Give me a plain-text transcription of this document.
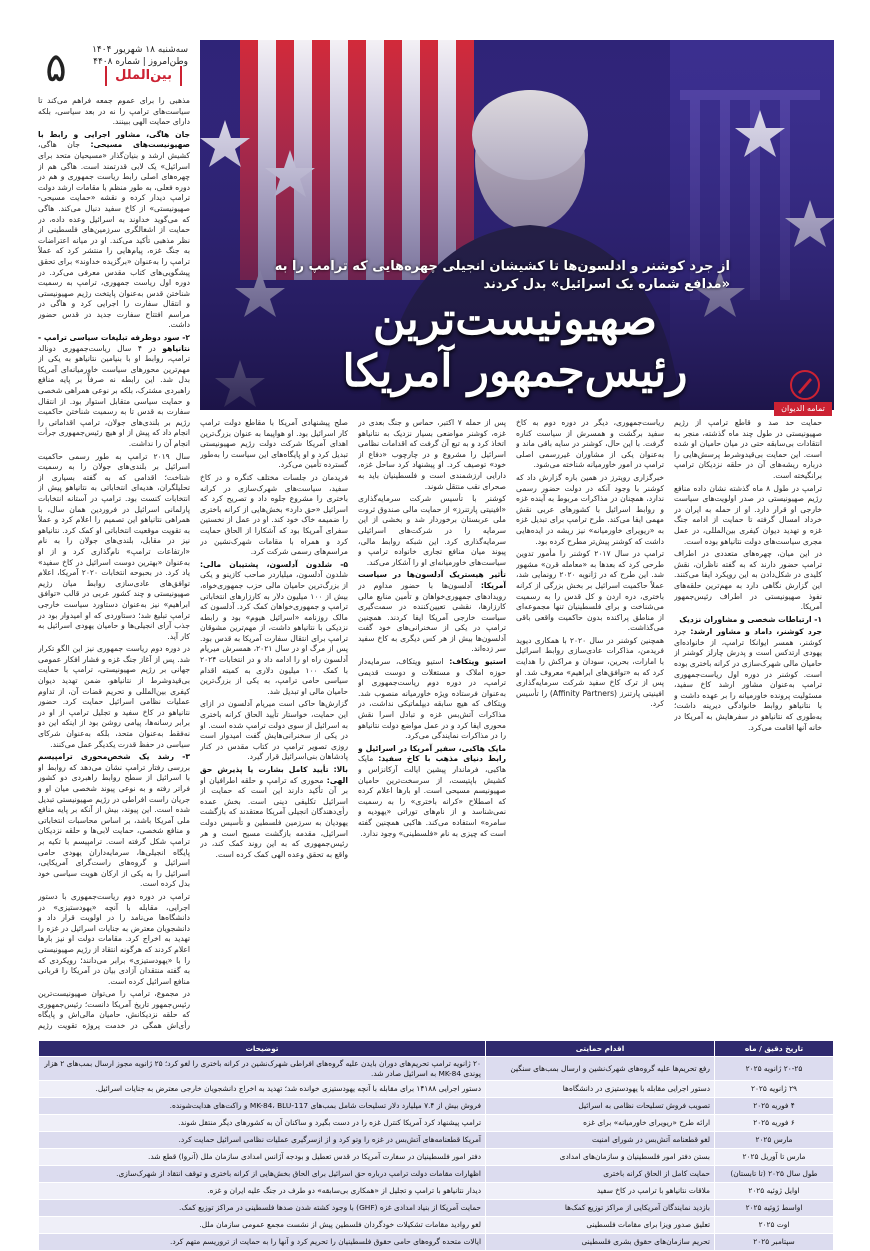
۵	سه‌شنبه ۱۸ شهریور ۱۴۰۴
وطن‌امروز | شماره ۴۴۰۸
بین‌الملل
از جرد کوشنر و ادلسون‌ها تا کشیشان انجیلی چهره‌هایی که ترامپ را به «مدافع شماره یک اسرائیل» بدل کردند
صهیونیست‌ترین
رئیس‌جمهور آمریکا
تمامه الدیوان

مذهبی را برای عموم جمعه فراهم می‌کند تا سیاست‌های ترامپ را نه در بعد سیاسی، بلکه دارای حمایت الهی ببینند.

جان هاگی، مشاور اجرایی و رابط با صهیونیست‌های مسیحی: جان هاگی، کشیش ارشد و بنیان‌گذار «مسیحیان متحد برای اسرائیل» یک لابی قدرتمند است. هاگی هم از چهره‌های اصلی رابط ریاست جمهوری و هم در دوره فعلی، به طور منظم با مقامات ارشد دولت ترامپ دیدار کرده و نقشه «حمایت مسیحی-صهیونیستی» از کاخ سفید دنبال می‌کند. هاگی که می‌گوید خداوند به اسرائیل وعده داده، در حمایت از اشغالگری سرزمین‌های فلسطینی از نظر مذهبی تأکید می‌کند. او در میانه اعتراضات به جنگ غزه، پیام‌هایی را منتشر کرد که عملاً ترامپ را به‌عنوان «برگزیده خداوند» برای تحقق پیشگویی‌های کتاب مقدس معرفی می‌کرد. در دوره اول ریاست جمهوری، ترامپ به رسمیت شناختن قدس به‌عنوان پایتخت رژیم صهیونیستی و انتقال سفارت را اجرایی کرد و هاگی در مراسم افتتاح سفارت جدید در قدس حضور داشت.

۲- سود دوطرفه تبلیغات سیاسی ترامپ - نتانیاهو در ۴ سال ریاست‌جمهوری دونالد ترامپ، روابط او با بنیامین نتانیاهو به یکی از مهم‌ترین محورهای سیاست خاورمیانه‌ای آمریکا بدل شد. این رابطه نه صرفاً بر پایه منافع راهبردی مشترک، بلکه بر نوعی همراهی شخصی و حمایت سیاسی متقابل استوار بود. از انتقال سفارت به قدس تا به رسمیت شناختن حاکمیت رژیم بر بلندی‌های جولان، ترامپ اقداماتی را انجام داد که پیش از او هیچ رئیس‌جمهوری جرأت انجام آن را نداشت.

سال ۲۰۱۹ ترامپ به طور رسمی حاکمیت اسرائیل بر بلندی‌های جولان را به رسمیت شناخت؛ اقدامی که به گفته بسیاری از تحلیلگران، هدیه‌ای انتخاباتی به نتانیاهو پیش از انتخابات کنست بود. ترامپ در آستانه انتخابات پارلمانی اسرائیل در فروردین همان سال، با همراهی نتانیاهو این تصمیم را اعلام کرد و عملاً به تقویت موقعیت انتخاباتی او کمک کرد. نتانیاهو نیز در مقابل، بلندی‌های جولان را به نام «ارتفاعات ترامپ» نام‌گذاری کرد و از او به‌عنوان «بهترین دوست اسرائیل در کاخ سفید» یاد کرد. در بحبوحه انتخابات ۲۰۲۰ آمریکا، اعلام توافق‌های عادی‌سازی روابط میان رژیم صهیونیستی و چند کشور عربی در قالب «توافق ابراهیم» نیز به‌عنوان دستاورد سیاست خارجی ترامپ تبلیغ شد؛ دستاوردی که او امیدوار بود در جذب آرای انجیلی‌ها و حامیان یهودی اسرائیل به کار آید.

در دوره دوم ریاست جمهوری نیز این الگو تکرار شد. پس از آغاز جنگ غزه و فشار افکار عمومی جهانی بر رژیم صهیونیستی، ترامپ با حمایت بی‌قیدوشرط از نتانیاهو، ضمن تهدید دیوان کیفری بین‌المللی و تحریم قضات آن، از تداوم عملیات نظامی اسرائیل حمایت کرد. حضور نتانیاهو در کاخ سفید و تجلیل ترامپ از او در برابر رسانه‌ها، پیامی روشن بود از اینکه این دو نه‌فقط به‌عنوان متحد، بلکه به‌عنوان شرکای سیاسی در حفظ قدرت یکدیگر عمل می‌کنند.

۳- رشد یک شخص‌محوری ترامپیسم بررسی رفتار ترامپ نشان می‌دهد که روابط او با اسرائیل از سطح روابط راهبردی دو کشور فراتر رفته و به نوعی پیوند شخصی میان او و جریان راست افراطی در رژیم صهیونیستی تبدیل شده است. این پیوند، بیش از آنکه بر پایه منافع ملی آمریکا باشد، بر اساس محاسبات انتخاباتی و منافع شخصی، حمایت لابی‌ها و حلقه نزدیکان ترامپ شکل گرفته است. ترامپیسم با تکیه بر پایگاه انجیلی‌ها، سرمایه‌داران یهودی حامی اسرائیل و گروه‌های راست‌گرای آمریکایی، اسرائیل را به یکی از ارکان هویت سیاسی خود بدل کرده است.

ترامپ در دوره دوم ریاست‌جمهوری با دستور اجرایی، مقابله با آنچه «یهودستیزی» در دانشگاه‌ها می‌نامد را در اولویت قرار داد و دانشجویان معترض به جنایات اسرائیل در غزه را تهدید به اخراج کرد. مقامات دولت او نیز بارها اعلام کردند که هرگونه انتقاد از رژیم صهیونیستی را با «یهودستیزی» برابر می‌دانند؛ رویکردی که به گفته منتقدان آزادی بیان در آمریکا را قربانی منافع اسرائیل کرده است.

در مجموع، ترامپ را می‌توان صهیونیست‌ترین رئیس‌جمهور تاریخ آمریکا دانست؛ رئیس‌جمهوری که حلقه نزدیکانش، حامیان مالی‌اش و پایگاه رأی‌اش همگی در خدمت پروژه تقویت رژیم

صلح پیشنهادی آمریکا با مقاطع دولت ترامپ کار اسرائیل بود. او هواپیما به عنوان بزرگ‌ترین اهدای آمریکا شرکت دولت رژیم صهیونیستی تبدیل کرد و او پایگاه‌های این سیاست را به‌طور گسترده تأمین می‌کرد.

فریدمان در جلسات مختلف کنگره و در کاخ سفید، سیاست‌های شهرک‌سازی در کرانه باختری را مشروع جلوه داد و تصریح کرد که اسرائیل «حق دارد» بخش‌هایی از کرانه باختری را ضمیمه خاک خود کند. او در عمل از نخستین سفرای آمریکا بود که آشکارا از الحاق حمایت کرد و همراه با مقامات شهرک‌نشین در مراسم‌های رسمی شرکت کرد.

۵- شلدون آدلسون، پشتیبان مالی: شلدون آدلسون، میلیاردر صاحب کازینو و یکی از بزرگ‌ترین حامیان مالی حزب جمهوری‌خواه، بیش از ۱۰۰ میلیون دلار به کارزارهای انتخاباتی ترامپ و جمهوری‌خواهان کمک کرد. آدلسون که مالک روزنامه «اسرائیل هیوم» بود و رابطه نزدیکی با نتانیاهو داشت، از مهم‌ترین مشوقان ترامپ برای انتقال سفارت آمریکا به قدس بود. پس از مرگ او در سال ۲۰۲۱، همسرش میریام آدلسون راه او را ادامه داد و در انتخابات ۲۰۲۴ با کمک ۱۰۰ میلیون دلاری به کمیته اقدام سیاسی حامی ترامپ، به یکی از بزرگ‌ترین حامیان مالی او تبدیل شد.

گزارش‌ها حاکی است میریام آدلسون در ازای این حمایت، خواستار تأیید الحاق کرانه باختری به اسرائیل از سوی دولت ترامپ شده است. او در یکی از سخنرانی‌هایش گفت امیدوار است روزی تصویر ترامپ در کتاب مقدس در کنار پادشاهان بنی‌اسرائیل قرار گیرد.

بالا: تأیید کامل بشارت یا پذیرش حق الهی: محوری که ترامپ و حلقه اطرافیان او بر آن تأکید دارند این است که حمایت از اسرائیل تکلیفی دینی است. بخش عمده رأی‌دهندگان انجیلی آمریکا معتقدند که بازگشت یهودیان به سرزمین فلسطین و تأسیس دولت اسرائیل، مقدمه بازگشت مسیح است و هر رئیس‌جمهوری که به این روند کمک کند، در واقع به تحقق وعده الهی کمک کرده است.

پس از حمله ۷ اکتبر، حماس و جنگ بعدی در غزه، کوشنر مواضعی بسیار نزدیک به نتانیاهو اتخاذ کرد و به ‌تبع آن گرفت که اقدامات نظامی اسرائیل را مشروع و در چارچوب «دفاع از خود» توصیف کرد. او پیشنهاد کرد ساحل غزه، دارایی ارزشمندی است و فلسطینیان باید به صحرای نقب منتقل شوند.

کوشنر با تأسیس شرکت سرمایه‌گذاری «افینیتی پارتنرز» از حمایت مالی صندوق ثروت ملی عربستان برخوردار شد و بخشی از این سرمایه را در شرکت‌های اسرائیلی سرمایه‌گذاری کرد. این شبکه روابط مالی، پیوند میان منافع تجاری خانواده ترامپ و سیاست‌های خاورمیانه‌ای او را آشکار می‌کند.

تأثیر هیستریک آدلسون‌ها در سیاست آمریکا: آدلسون‌ها با حضور مداوم در رویدادهای جمهوری‌خواهان و تأمین منابع مالی کارزارها، نقشی تعیین‌کننده در سمت‌گیری سیاست خارجی آمریکا ایفا کردند. همچنین ترامپ در یکی از سخنرانی‌های خود گفت آدلسون‌ها بیش از هر کس دیگری به کاخ سفید سر زده‌اند.

استیو ویتکاف: استیو ویتکاف، سرمایه‌دار حوزه املاک و مستغلات و دوست قدیمی ترامپ، در دوره دوم ریاست‌جمهوری او به‌عنوان فرستاده ویژه خاورمیانه منصوب شد. ویتکاف که هیچ سابقه دیپلماتیکی نداشت، در مذاکرات آتش‌بس غزه و تبادل اسرا نقش محوری ایفا کرد و در عمل مواضع دولت نتانیاهو را در مذاکرات نمایندگی می‌کرد.

مایک هاکبی، سفیر آمریکا در اسرائیل و رابط دنیای مذهب با کاخ سفید: مایک هاکبی، فرماندار پیشین ایالت آرکانزاس و کشیش باپتیست، از سرسخت‌ترین حامیان صهیونیسم مسیحی است. او بارها اعلام کرده که اصطلاح «کرانه باختری» را به رسمیت نمی‌شناسد و از نام‌های توراتی «یهودیه و سامره» استفاده می‌کند. هاکبی همچنین گفته است که چیزی به نام «فلسطینی» وجود ندارد.

ریاست‌جمهوری، دیگر در دوره دوم به کاخ سفید برگشت و همسرش از سیاست کناره گرفت. با این حال، کوشنر در سایه باقی ماند و به‌عنوان یکی از مشاوران غیررسمی اصلی ترامپ در امور خاورمیانه شناخته می‌شود.

خبرگزاری رویترز در همین باره گزارش داد که کوشنر با وجود آنکه در دولت حضور رسمی ندارد، همچنان در مذاکرات مربوط به آینده غزه و روابط اسرائیل با کشورهای عربی نقش مهمی ایفا می‌کند. طرح ترامپ برای تبدیل غزه به «ریویرای خاورمیانه» نیز ریشه در ایده‌هایی داشت که کوشنر پیش‌تر مطرح کرده بود.

ترامپ در سال ۲۰۱۷ کوشنر را مأمور تدوین طرحی کرد که بعدها به «معامله قرن» مشهور شد. این طرح که در ژانویه ۲۰۲۰ رونمایی شد، عملاً حاکمیت اسرائیل بر بخش بزرگی از کرانه باختری، دره اردن و کل قدس را به رسمیت می‌شناخت و برای فلسطینیان تنها مجموعه‌ای از مناطق پراکنده بدون حاکمیت واقعی باقی می‌گذاشت.

همچنین کوشنر در سال ۲۰۲۰ با همکاری دیوید فریدمن، مذاکرات عادی‌سازی روابط اسرائیل با امارات، بحرین، سودان و مراکش را هدایت کرد که به «توافق‌های ابراهیم» معروف شد. او پس از ترک کاخ سفید شرکت سرمایه‌گذاری افینیتی پارتنرز (Affinity Partners) را تأسیس کرد.

حمایت حد صد و قاطع ترامپ از رژیم صهیونیستی در طول چند ماه گذشته، منجر به انتقادات بی‌سابقه حتی در میان حامیان او شده است. این حمایت بی‌قیدوشرط پرسش‌هایی را درباره ریشه‌های آن در حلقه نزدیکان ترامپ برانگیخته است.

ترامپ در طول ۸ ماه گذشته نشان داده منافع رژیم صهیونیستی در صدر اولویت‌های سیاست خارجی او قرار دارد. او از حمله به ایران در خرداد امسال گرفته تا حمایت از ادامه جنگ غزه و تهدید دیوان کیفری بین‌المللی، در عمل مجری سیاست‌های دولت نتانیاهو بوده است.

در این میان، چهره‌های متعددی در اطراف ترامپ حضور دارند که به گفته ناظران، نقش کلیدی در شکل‌دادن به این رویکرد ایفا می‌کنند. این گزارش نگاهی دارد به مهم‌ترین حلقه‌های نفوذ صهیونیستی در اطراف رئیس‌جمهور آمریکا.

۱- ارتباطات شخصی و مشاوران نزدیک

جرد کوشنر، داماد و مشاور ارشد: جرد کوشنر، همسر ایوانکا ترامپ، از خانواده‌ای یهودی ارتدکس است و پدرش چارلز کوشنر از حامیان مالی شهرک‌سازی در کرانه باختری بوده است. کوشنر در دوره اول ریاست‌جمهوری ترامپ به‌عنوان مشاور ارشد کاخ سفید، مسئولیت پرونده خاورمیانه را بر عهده داشت و با نتانیاهو روابط خانوادگی دیرینه داشت؛ به‌طوری که نتانیاهو در سفرهایش به آمریکا در خانه آنها اقامت می‌کرد.

تاریخ دقیق / ماه	اقدام حمایتی	توضیحات
۲۰-۲۵ ژانویه ۲۰۲۵	رفع تحریم‌ها علیه گروه‌های شهرک‌نشین و ارسال بمب‌های سنگین	۲۰ ژانویه ترامپ تحریم‌های دوران بایدن علیه گروه‌های افراطی شهرک‌نشین در کرانه باختری را لغو کرد؛ ۲۵ ژانویه مجوز ارسال بمب‌های ۲ هزار پوندی MK-84 به اسرائیل صادر شد.
۲۹ ژانویه ۲۰۲۵	دستور اجرایی مقابله با یهودستیزی در دانشگاه‌ها	دستور اجرایی ۱۴۱۸۸ برای مقابله با آنچه یهودستیزی خوانده شد؛ تهدید به اخراج دانشجویان خارجی معترض به جنایات اسرائیل.
۴ فوریه ۲۰۲۵	تصویب فروش تسلیحات نظامی به اسرائیل	فروش بیش از ۷.۴ میلیارد دلار تسلیحات شامل بمب‌های MK-84، BLU-117 و راکت‌های هدایت‌شونده.
۶ فوریه ۲۰۲۵	ارائه طرح «ریویرای خاورمیانه» برای غزه	ترامپ پیشنهاد کرد آمریکا کنترل غزه را در دست بگیرد و ساکنان آن به کشورهای دیگر منتقل شوند.
مارس ۲۰۲۵	لغو قطعنامه آتش‌بس در شورای امنیت	آمریکا قطعنامه‌های آتش‌بس در غزه را وتو کرد و از ازسرگیری عملیات نظامی اسرائیل حمایت کرد.
مارس تا آوریل ۲۰۲۵	بستن دفتر امور فلسطینیان و سازمان‌های امدادی	دفتر امور فلسطینیان در سفارت آمریکا در قدس تعطیل و بودجه آژانس امدادی سازمان ملل (آنروا) قطع شد.
طول سال ۲۰۲۵ (تا تابستان)	حمایت کامل از الحاق کرانه باختری	اظهارات مقامات دولت ترامپ درباره حق اسرائیل برای الحاق بخش‌هایی از کرانه باختری و توقف انتقاد از شهرک‌سازی.
اوایل ژوئیه ۲۰۲۵	ملاقات نتانیاهو با ترامپ در کاخ سفید	دیدار نتانیاهو با ترامپ و تجلیل از «همکاری بی‌سابقه» دو طرف در جنگ علیه ایران و غزه.
اواسط ژوئیه ۲۰۲۵	بازدید نمایندگان آمریکایی از مراکز توزیع کمک‌ها	حمایت آمریکا از بنیاد امدادی غزه (GHF) با وجود کشته شدن صدها فلسطینی در مراکز توزیع کمک.
اوت ۲۰۲۵	تعلیق صدور ویزا برای مقامات فلسطینی	لغو روادید مقامات تشکیلات خودگردان فلسطین پیش از نشست مجمع عمومی سازمان ملل.
سپتامبر ۲۰۲۵	تحریم سازمان‌های حقوق بشری فلسطینی	ایالات متحده گروه‌های حامی حقوق فلسطینیان را تحریم کرد و آنها را به حمایت از تروریسم متهم کرد.
